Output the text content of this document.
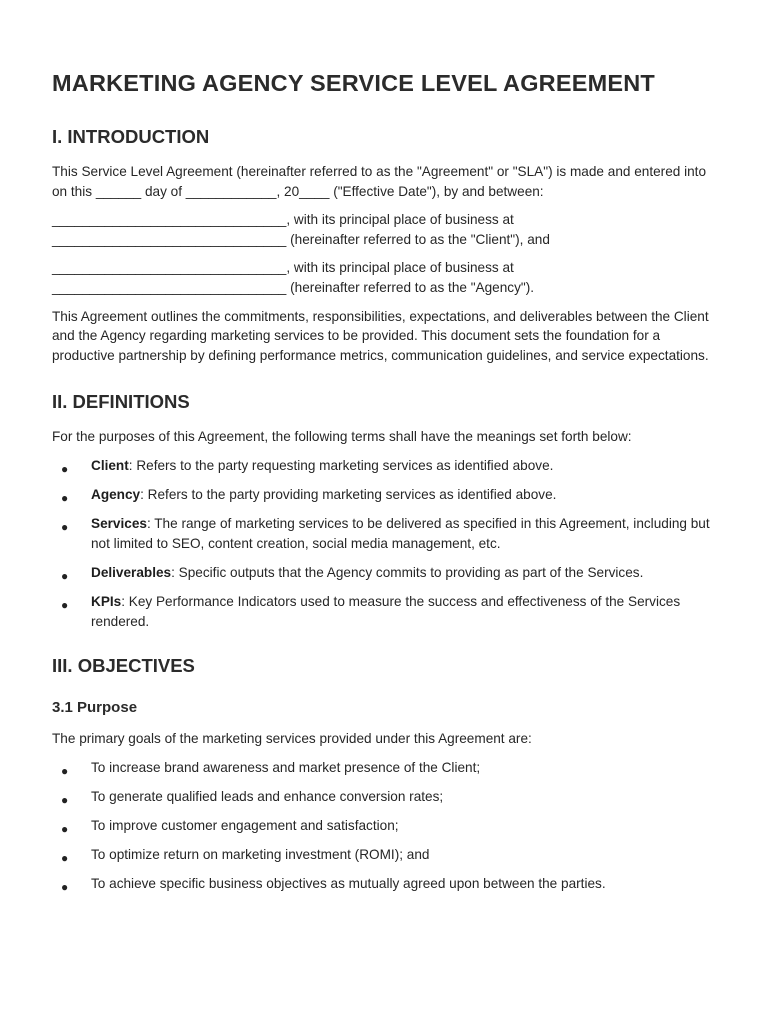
MARKETING AGENCY SERVICE LEVEL AGREEMENT
I. INTRODUCTION

This Service Level Agreement (hereinafter referred to as the "Agreement" or "SLA") is made and entered into on this ______ day of ____________, 20____ ("Effective Date"), by and between:

_______________________________, with its principal place of business at
_______________________________ (hereinafter referred to as the "Client"), and

_______________________________, with its principal place of business at
_______________________________ (hereinafter referred to as the "Agency").

This Agreement outlines the commitments, responsibilities, expectations, and deliverables between the Client and the Agency regarding marketing services to be provided. This document sets the foundation for a productive partnership by defining performance metrics, communication guidelines, and service expectations.

II. DEFINITIONS

For the purposes of this Agreement, the following terms shall have the meanings set forth below:

● Client: Refers to the party requesting marketing services as identified above.
● Agency: Refers to the party providing marketing services as identified above.
● Services: The range of marketing services to be delivered as specified in this Agreement, including but not limited to SEO, content creation, social media management, etc.
● Deliverables: Specific outputs that the Agency commits to providing as part of the Services.
● KPIs: Key Performance Indicators used to measure the success and effectiveness of the Services rendered.
III. OBJECTIVES
3.1 Purpose

The primary goals of the marketing services provided under this Agreement are:

● To increase brand awareness and market presence of the Client;
● To generate qualified leads and enhance conversion rates;
● To improve customer engagement and satisfaction;
● To optimize return on marketing investment (ROMI); and
● To achieve specific business objectives as mutually agreed upon between the parties.
